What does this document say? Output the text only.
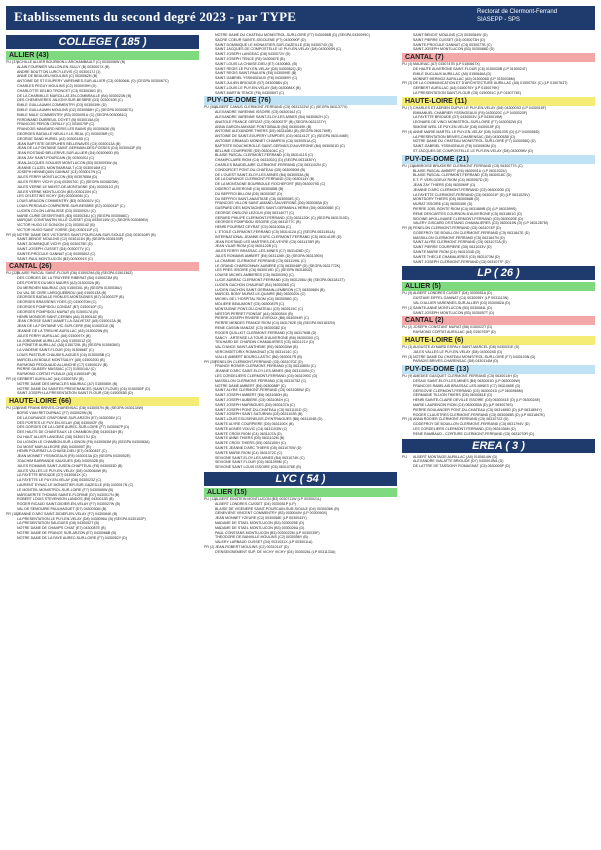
Etablissements du second degré 2023 - par TYPE	Rectorat de Clermont-Ferrand
SIASEPP - SPS
COLLEGE ( 185 )
ALLIER (43)
PU (37)
ACHILLE ALLIER BOURBON-L'ARCHAMBAULT (C) 0030006W (B)
ALAIN FOURNIER VALLON-EN-SULLY (B) 0030007X (B)
ANDRE BOUTTON LURCY-LEVIS (C) 0030017J (1)
ANNE DE BEAUJEU MOULINS (C) 0030062H (B)
ANTOINE DE ST EXUPERY VARENNES-SUR-ALLIER (C3) 0030064L (0) (CEGPA 0030067C)
CHARLES PEGUY MOULINS (C2) 0030039H (D)
CHARLOTTE DELBO TRONCET (C3) 0030036G (E)
DE LA CHARMILLE MARCILLAT-EN-COMBRAILLE (B4) 0030023N (B)
DES CHENEVIERES JALIGNY-SUR-BESBRE (D3) 0030010B (C)
EMILE GUILLAUMIN COMMENTRY (D3) 0030039K (D)
EMILE GUILLAUMIN MOULINS (D2) 0030088H (C) (SEGPA 0030087G)
EMILE MALE COMMENTRY (B3) 0030091U (C) (SEGPA 0030081C)
FERDINAND DUBREUIL DOYET (B) 0030015A (D)
FRANCOIS PERON CERILLY (C) 0030075P (C)
FRANCOIS MANSARD NERIS LES BAINS (B) 0030063K (B)
GEORGES BATAILLE NEUILLY-LE-REAL (C) 0030036R (C)
GEORGE SAND HURIEL (A3) 0030018D (C)
JEAN BAPTISTE DESPUHES BELLENAVES (C4) 0030013A (B)
JEAN DE LA FONTAINE SAINT-GERMAIN-DES-FOSSES (D4) 0030043F (B)
JEAN ROSTAND BELLERIVE-SUR-ALLIER (D4) 0030060D (B)
JEAN ZAY SAINT-POURCAIN (D) 0030020J (C)
JEAN-JACQUES SOULIER MONTLUCON (B3) 0030093W (A)
JEANNE CLUZEL MONTMARAULT (C3) 0030016M (C)
JOSEPH HENNEQUIN GANNAT (C4) 0030017N (C)
JULES FERRY MONTLUCON (B3) 0030765M (D)
JULES FERRY VICHY (D4) 0030070C (C) (SEGPA 0030823W)
JULES VERNE LE MAYET-DE-MONTAGNE (D4) 0030011G (E)
JULES VERNE MONTLUCON (B3) 0030110N (C)
LES CELESTINS VICHY (D4) 0030040M (C)
LOUIS ARAGON COMMENTRY (B3) 0030092V (C)
LOUIS PERGAUD COMPIERRE-SUR-BESBRE (E2) 0030011P (C)
LUCIEN COLON LAPALISSE (D3) 0030092U (C)
MARIE CURIE DESERTINES (B3) 0030034U (C) (SEGPA 0030088C)
MARQUE CONSTANTIN VILLE CUSSET (D4) 0030014W (C) (SEGPA 0030896V)
VICTOR HUGO LE DONJON (C3) 0030014Z (B)
VICTOR HUGO SAINT YORRE (D4) 0030111P (C)
PR (6) NOTRE DAME DES VICTOIRES SAINT-POURCAIN-SUR-SIOULE (D4) 0030104R (B)
SAINT-BENOIT MOULINS (C2) 0030101N (B) (SEGPA 0030103P)
SAINT-DOMINIQUE VICHY (D4) 0030075E (D)
SAINT-JOSEPH CUSSET (D4) 0030077V (C)
SAINTE-PROCULE GANNAT (C4) 0030080Z (C)
SAINT-PAUL MONTLUCON (B3) 0030091S (C)
CANTAL (26)
PU (22)
BLAISE PASCAL SAINT-FLOUR (D6) 0150029A (B) (SEGPA 0150136Z)
DES CORDES DE LA TRUYERE RIBERAT (B4) 0150023M (B)
DES PORTES DU MIDI MAURS (A3) 0150032A (B)
DU MERIDIEN MAURIAC (A3) 0150030L (B) (SEGPA 0150036U)
DU VAL DE CERE LAROQUEBROU (A4) 0150013A (B)
GEORGES BATAILLE RIOM-ES-MONTAGNES (B7) 0150037P (B)
GEORGES BRASSENS YDES (C) 0150070M (C)
GEORGES POMPIDOU CONDAT (B7) 0150010F (C)
GEORGES POMPIDOU MURAT (B) 0150017A (B)
HENRI MONDOR SAINT-CERNIN (A6) 0150018Z (B)
JEAN CROISE SAINT-MAMET-LA-SALVETAT (A5) 0150012A (B)
JEAN DE LA FONTAINE VIC-SUR-CERE (B6) 0150031E (B)
JEANNE DE LA TREILHE AURILLAC (A5) 0150029N (B)
JULES FERRY AURILLAC (A6) 0150097X (B)
LA JORDANNE AURILLAC (A4) 0150001Z (D)
LA PONETIE AURILLAC (A5) 0150729L (B) (SEGPA 0150636G)
LA VIADENE SAINT-FLOUR (C6) 0150666T (C)
LOUIS PASTEUR CHAUDES-AIGUES (C6) 0150005B (C)
MARCELLIN BOULE MONTSALVY (A5) 0150020D (B)
RAYMOND PEDOUAUD ALLANCHE (C7) 0150001V (B)
PIERRE GILBERY MASSIAC (C7) 0150014U (C)
RAYMOND CORTAT PLEAUX (A3) 0150034P (B)
PR (4) GERBERT AURILLAC (A4) 0150078V (B)
NOTRE DAME DES MIRACLES MAURIAC (A7) 0150080K (B)
NOTRE DAME DU SAINTES PREVENANCES (SAINT-FLOUR) (C6) 0150050F (D)
SAINT JOSEPH-LA PRESENTATION SAINT FLOUR (C8) 0150053B (D)
HAUTE-LOIRE (66)
PU (22)
ANNE FRANK BRIVES-CHARENSAC (D8) 0430057N (B) (SEGPA 0430134W)
BORIS VIAN RETOURNAC (F7) 0430029N (B)
DE LA DURANCE CRAPONNE-SUR-ARZON (E7) 0430036V (C)
DES PORTES LE PUY-EN-VELAY (D8) 0430002F (B)
DES GORGES DE LA LOIRE AUREC-SUR-LOIRE (F7) 0430087P (D)
DES HAUTS DE CHANTEAUX LE CHAMBON (E8) 0430034H (B)
DU HAUT ALLIER LANGEAC (D8) 0430017U (D)
DU LIGNON LE CHAMBON-SUR-LIGNON (F8) 0430063M (B) (SEGPA 0430083A)
DU MONT MAR ALLEGRE (B8) 0430005T (B)
HENRI POURRAT LA CHAISE-DIEU (E7) 0430045T (C)
JEAN MONNET YSSINGEAUX (F8) 0430013A (D) (SEGPA 0430052E)
JOACHIM BARRANDE SAUGUES (D8) 0430032B (B)
JULES ROMAINS SAINT-JUSEN-CHAPTEUIL (F8) 0430053D (B)
JULES VALLES LE PUY-EN-VELAY (D8) 0430064W (B)
LA FAYETTE BRIOUDE (D7) 0430061X (C)
LA FAYETTE LE PUY-EN-VELAY (D8) 0430023Z (C)
LAURENT EYNAC LE MONASTIER-SUR-GAZEILLE (E8) 0430017N (C)
LE MONTEIL MONISTROL-SUR-LOIRE (F7) 0430069W (B)
MARGUERITE THOMAS SAINTE-FLORINE (D7) 0430017N (B)
ROBERT LOUIS STEVENSON LANDOS (E8) 0430012B (B)
ROGER RICAUD SAINT-DIDIER-EN-VELAY (F7) 0430027W (B)
VAL DE SEMOUIRE PAULHAGUET (D7) 0430030M (B)
PR (18)
JEANNE D'ARC SAINT-DIDIER-EN-VELAY (F7) 0430084K (B)
LA PRESENTATION LE PUY-EN-VELAY (D8) 0430096U (B) (SEGPA 0430102P)
LA PRESENTATION SAUGUES (D8) 0430092T (B)
NOTRE DAME DE CHAMPS CHIAT (E7) 0430087E (B)
NOTRE DAME DE FRANCE SUR-ARZON (E7) 0430066B (B)
NOTRE DAME DE LA FAYE AUREC-SUR-LOIRE (F7) 0430052Y (D)
NOTRE DAME DU CHATEAU MONISTROL-SUR-LOIRE (F7) 0430056B (D) (SEGPA 0430099C)
SACRE COEUR SAINTE-SIGOLENE (F7) 0430090F (D)
SAINT DOMINIQUE LE MONASTIER-SUR-GAZEILLE (E8) 0430074X (D)
SAINT JACQUES DE COMPOSTELLE LE PUY-EN-VELAY (D8) 0430093N (C)
SAINT JOSEPH LANGEAC (D8) 0430072V (D)
SAINT JOSEPH TENCE (F8) 0430087E (B)
SAINT LOUIS LA CHAISE-DIEU (E7) 0430080L (B)
SAINT REGIS LE PUY-EN-VELAY (D8) 0430062Q (D)
SAINT REGIS SAINT-PAULIEN (E8) 0430099E (B)
SAINT-GABRIEL YSSINGEAUX (F8) 0430069Y (C)
SAINT-JULIEN BRIOUDE (D7) 0430058N (D)
SAINT-LOUIS LE PUY-EN-VELAY (D8) 0430084X (B)
SAINT-MARTIN TENCE (F8) 0430069T (C)
PUY-DE-DOME (76)
PU (56)
ALBERT CAMUS CLERMONT-FERRAND (C5) 0631322W (C) (SEGPA 0631377X)
ALEXANDRE VARENNE ISSOIRE (C5) 0630016J (C)
ALEXANDRE VARENNE SAINT-ELOY-LES-MINES (B4) 0630062H (C)
ANATOLE FRANCE GERZAT (C5) 0630027F (B) (SEGPA 0631337Y)
ANNA GARCIN-MAYADE PONTGIBAUD (B4) 0630049K (B)
ANTOINE ALEXANDRE THIERS (D5) 0631108U (B) (SEGPA 0631789R)
ANTOINE DE SAINT-EXUPERY LEMPDES (C5) 0631412T (C) (SEGPA 0631446E)
ANTOINE GRIMAUD MONNET CHAMPEIX (C6) 0630051A (C)
BAPTISTE BOUCHEROLLE SAINT-GERVAIS-D'AUVERGNE (B4) 0630061D (C)
BELLIME COURPIERE (D5) 0630104C (C)
BLAISE PASCAL CLERMONT-FERRAND (C5) 0631411S (C)
CHAMPCLAIRE RIOM (C4) 0631002Q (D) (SEGPA 0631830Y)
CHARLES BAUDELAIRE CLERMONT-FERRAND (C5) 0631102N (C)
CONDORCET PONT-DU-CHATEAU (D5) 0630050M (B)
DE L'OUEST SAINT-ELOY-LES-MINES (B4) 0630053A (B)
DE LA DURANCE CLERMONT-FERRAND (C5) 0630114Y (B)
DE LA MONTAGNE BOURBOULE ROCHEFORT (B5) 0630079D (C)
DIDEROT AUVERGNE (C6) 0630085B (B)
DU BEFFROI BILLOM (D5) 0630036T (D)
DU BEFFROI SAINT-ANASTASE (C6) 0630008S (C)
FRANCOIS VILLON SAINT-AMAND-SAUVERGNE (D6) 0630083A (D)
GASPARD DES MONTAGNES SAINT-GERMAIN-L'HERM (D6) 0630056E (C)
GEORGE ONSLOW LEZOUX (D5) 0631407T (C)
GERARD PHILIPE CLERMONT-FERRAND (C5) 0631120K (C) (SEGPA 0631310D)
GEORGES POMPIDOU ISSOIRE (C6) 0631077C (B)
HENRI POURRAT CEYRAT (C5) 0631005A (C)
L' ETOILE CLERMONT-FERRAND (C5) 0631412A (C) (SEGPA 0631451A)
INTERNATIONAL JEANNE D'ARC CLERMONT-FERRAND (C5) 0631410R (D)
JEAN ROSTAND LES MARTRES-DE-VEYRE (C5) 0631478R (B)
JEAN VILAR RIOM (C4) 0631122B (C)
JULES FERRY BRASSAC-LES-MINES (C7) 0631428D (C)
JULES ROMAINS AMBERT (E6) 0631126K (D) (SEGPA 0631390X)
LA CHARME CLERMONT-FERRAND (C5) 0631199L (C)
LE GRAND CHARDONNAY AUBIERE (C5) 0630048P (D) (SEGPA 0631772K)
LES PRES ISSOIRE (C6) 0630019D (C) (SEGPA 0631803Z)
LOUISE MICHEL AMBIERES (C5) 0630039Q (C)
LUCIE AUBRAC CLERMONT-FERRAND (C5) 0631206U (B) (SEGPA 0631813T)
LUCIEN GACHON CHAURIAT (B4) 0630036S (C)
LUCIEN GACHON SAINT-GERMAIN-LEMBRON (C7) 0630066N (B)
MARCEL BONY MURAT-LE-QUAIRE (B6) 0630020L (C)
MICHEL DE L'HOSPITAL RIOM (C4) 0630058G (C)
MOLIERE BEAUMONT (C5) 0630087R (C)
MONTAIGNE PONT-DU-CHATEAU (C5) 0630115C (C)
NESTOR PERRET PIONSAT (A4) 0630054X (B)
PIERRE-JOSEPH RIVIERE LEVROUX (B6) 0630094R (C)
PIERRE MENDES FRANCE RIOM (C4) 0631762E (B) (SEGPA 0631832N)
RENE CASSIN MANZAT (C3) 0630038Z (D)
ROGER QUILLIOT CLERMONT-FERRAND (C5) 0631765B (D)
SANCY - ARTENSE LA TOUR-D'AUVERGNE (B6) 0630030X (C)
TEILHARD DE CHARDIN CHAMALIERES (C5) 0631121V (D)
VAL D'ANCE SAINT-ANTHEME (E6) 0630034W (B)
VERCINGETORIX ROMAGNAT (C5) 0631414C (C)
VIALLE AMBERT BOURG-LASTIC (B6) 0630017R (B)
PR (20)
FENELON CLERMONT-FERRAND (C5) 0631070Z (D)
FRANCE ROSIER CLERMONT-FERRAND (C5) 0631080N (C)
JEANNE D'ARC SAINT-ELOY-LES-MINES (B4) 0631100N (C)
LES CORDELIERS CLERMONT-FERRAND (C5) 0631090C (D)
MASSILLON CLERMONT-FERRAND (C5) 0631075Z (C)
NOTRE DAME AMBERT (E6) 0630088P (C)
SAINT ALYRE CLERMONT-FERRAND (C5) 0631085W (D)
SAINT JOSEPH AMBERT (E6) 0631080H (B)
SAINT JOSEPH AUBIERE (C5) 0631081H (C)
SAINT JOSEPH MARINGUES (D5) 0630107A (C)
SAINT JOSEPH PONT-DU-CHATEAU (C5) 0631101D (C)
SAINT JOSEPH SAINT-SATURNIN (C6) 0631102B (B)
SAINT-LOUIS EGLISENEUVE-D'ENTRAIGUES (B6) 0631104B (D)
SAINTE ALYRE COURPIERE (D5) 0631100X (B)
SAINTE AGNES VOLVIC (C4) 0631103W (C)
SAINTE CROIX RIOM (C4) 0631107A (D)
SAINTE ANNE THIERS (D5) 0631102M (B)
SAINTE CROIX THIERS (D5) 0631100H (C)
SAINTE JEANNE D'ARC THIERS (D5) 0631070W (D)
SAINTE MARIE RIOM (C4) 0631072C (C)
SEVIGNE SAINT-ELOY-LES-MINES (B4) 0631074K (C)
SEVIGNE SAINT-FLOUR (C6) 0631099M (C)
SEVIGNE SAINT LOUIS ISSOIRE (C6) 0631076E (B)
LYC ( 54 )
ALLIER (15)
PU (13)
ALBERT EINSTEIN MONTLUCON (B3) 0030711W (LP 0030021L)
ALBERT LONDRES CUSSET (D4) 0030051P (LP)
BLAISE DE VIGENERE SAINT-POURCAIN-SUR-SIOULE (D4) 0030036K (B)
GENEVIEVE VINCENT COMMENTRY (B3) 0030049V (LP 0030090X)
JEAN MONNET YZEURE (C2) 0030058E (LP 0030043Y)
MADAME DE STAEL MONTLUCON (B3) 0030025E (D)
MADAME DE STAEL MONTLUCON (B3) 0030026U (D)
PAUL CONSTANS MONTLUCON (B3) 0030022M (LP 0030035F)
THEODORE DE BANVILLE MOULINS (C2) 0030056Y (B)
VALERY LARBAUD CUSSET (D4) 0031031X (LP 0030011A)
PR (2) JEAN-ROBERT MOULINS (C2) 0031014T (D)
D'ENSEIGNEMENT SUP. DE VICHY VICHY (D4) 0030026L (LP 0031133A)
SAINT BENOIT MOULINS (C2) 0030084W (D)
SAINT PIERRE CUSSET (D4) 0030073H (D)
SAINTE-PROCULE GANNAT (C4) 0030077B (C)
SAINT-JOSEPH MONTLUCON (B3) 0030088D (D)
CANTAL (7)
PU (4) MAURIAC (A7) 0150747B (LP 0150667X)
DE HAUTE AUVERGNE SAINT-FLOUR (C6) 0150030B (LP 0150024T)
EMILE DUCLAUX AURILLAC (A5) 0150646A (D)
MONNET MERMOZ AURILLAC (A5) 0150006D (LP 0150036M)
PR (3) DE LA COMMUNICATION ET D'ARCHITECTURE AURILLAC (A5) 0150075X (C) (LP 0150763T)
GERBERT AURILLAC (A4) 0150076Y (LP 0150079K)
LA PRESENTATION SAINT-FLOUR (C6) 0150051C (LP 0150774E)
HAUTE-LOIRE (11)
PU (7) CHARLES ET ADRIEN DUPUY LE PUY-EN-VELAY (D8) 0430003G (LP 0430016F)
EMMANUEL CHABRIER YSSINGEAUX (F8) 0430020C (LP 0430020F)
LA FAYETTE BRIOUDE (D7) 0430003V (LP 0430019M)
LEONARD DE VINCI MONISTROL-SUR-LOIRE (F7) 0430052W (D)
SIMONE WEIL LE PUY-EN-VELAY (D8) 0430015F (D)
PR (4) ANNE MARIE MARTEL LE PUY-EN-VELAY (D8) 0430103S (D) (LP 0430056D)
LA PRESENTATION BRIVES-CHARENSAC (D8) 0430053B (D)
NOTRE DAME DU CHATEAU MONISTROL-SUR-LOIRE (F7) 0430058Q (D)
SAINT-GABRIEL YSSINGEAUX (F8) 0430063M (D)
ST JACQUES DE COMPOSTELLE LE PUY-EN-VELAY (D8) 0430098V (D)
PUY-DE-DOME (21)
PU (13)
AMBROISE BRUGIERE CLERMONT-FERRAND (C5) 0630077S (C)
BLAISE PASCAL AMBERT (E6) 0630001U (LP 0631032U)
BLAISE PASCAL CLERMONT-FERRAND (C5) 0630018C (D)
E.T. P. VERLOGEUX RIOM (C4) 0630057D (D)
JEAN ZAY THIERS (D5) 0630069F (D)
JEANNE D'ARC CLERMONT-FERRAND (C5) 0630020D (D)
LA FAYETTE CLERMONT-FERRAND (C5) 0630021F (D) (LP 0631025V)
MONTDORY THIERS (D5) 0630068B (D)
MURAT ISSOIRE (C6) 0630045K (D)
PIERRE JOEL BONTE RIOM (C4) 0631889B (D) (LP 0631599S)
RENE DESCARTES COURNON-D'AUVERGNE (C5) 0631861G (D)
SIDOINE APOLLINAIRE CLERMONT-FERRAND (C5) 0630020E (D)
VALERY GISCARD D'ESTAING CHAMALIERES (C5) 0630015N (D) (LP 0631287M)
PR (8) FENELON CLERMONT-FERRAND (C5) 0631074P (D)
GODEFROY DE BOUILLON CLERMONT-FERRAND (C5) 0631847E (D)
MASSILLON CLERMONT-FERRAND (C5) 0631847N (D)
SAINT ALYRE CLERMONT-FERRAND (C5) 0631072A (D)
SAINT PIERRE COURPIERE (D5) 0631033V (D)
SAINTE MARIE RIOM (C4) 0631034D (D)
SAINTE THECLE CHAMALIERES (C5) 0631073M (D)
SAINT JOSEPH CLERMONT-FERRAND (C5) 0631077F (D)
LP ( 26 )
ALLIER (5)
PU (5) ALBERT LONDRES CUSSET (D4) 0030051A (D)
GUSTAVE EIFFEL GANNAT (C4) 0030095Y (LP 0031113N)
VAL D'ALLIER VARENNES-SUR-ALLIER (D3) 0030082A (D)
PR (1) SAINTE-ANNE MONTLUCON (B3) 0030084L (D)
SAINT-JOSEPH MONTLUCON (B3) 0030057T (D)
CANTAL (2)
PU (2) JOSEPH CONSTANT MURAT (B8) 0150022T (D)
RAYMOND CORTAT AURILLAC (A4) 0150792P (D)
HAUTE-LOIRE (6)
PU (3) AUGUSTE AYMARD ESPALY-SAINT-MARCEL (D8) 0430031E (D)
JULES VALLES LE PUY-EN-VELAY (D8) 0430024D (D)
PR (3) NOTRE DAME DU CHATEAU MONISTROL-SUR-LOIRE (F7) 0430103N (D)
PARADIS BRIVES-CHARENSAC (D8) 0430114M (D)
PUY-DE-DOME (13)
PU (9) AMEDEE GASQUET CLERMONT-FERRAND (C5) 0630014H (D)
DESAIX SAINT-ELOY-LES-MINES (B4) 0630051D (LP 0630026W)
FRANCOIS RABELAIS BRASSAC-LES-MINES (C7) 0631065E (D)
GERGOVIE CLERMONT-FERRAND (C5) 0630021D (LP 0630965M)
GERMAINE TILLION THIERS (D5) 0630061E (D)
HENRI SAINTE-CLAIRE DEVILLE ISSOIRE (C6) 0630041E (D) (LP 0630024E)
MARIE LAURENCIN RIOM (C4) 0630055A (D) (LP 0630076S)
PIERRE BOULANGER PONT-DU-CHATEAU (C5) 0631465D (D) (LP 0631894Y)
ROGER CLAUSTRES CLERMONT-FERRAND (C5) 0630065B (D) (LP 0631847K)
PR (4) ANNA RODIER CLERMONT-FERRAND (C5) 0631072Z (D)
GODEFROY DE BOUILLON CLERMONT-FERRAND (C5) 0631794V (D)
LES CORDELIERS CLERMONT-FERRAND (C5) 0631036M (D)
RENE RAMBAUD - CORTURE CLERMONT-FERRAND (C5) 0631070R (D)
EREA ( 3 )
PU	ALBERT MONTAIGE AURILLAC (A5) 0150614W (D)
ALEXANDRE VIALATTE BRIOUDE (D7) 0430010N4 (D)
DE LATTRE DE TASSIGNY ROMAGNAT (C5) 0630005P (D)
